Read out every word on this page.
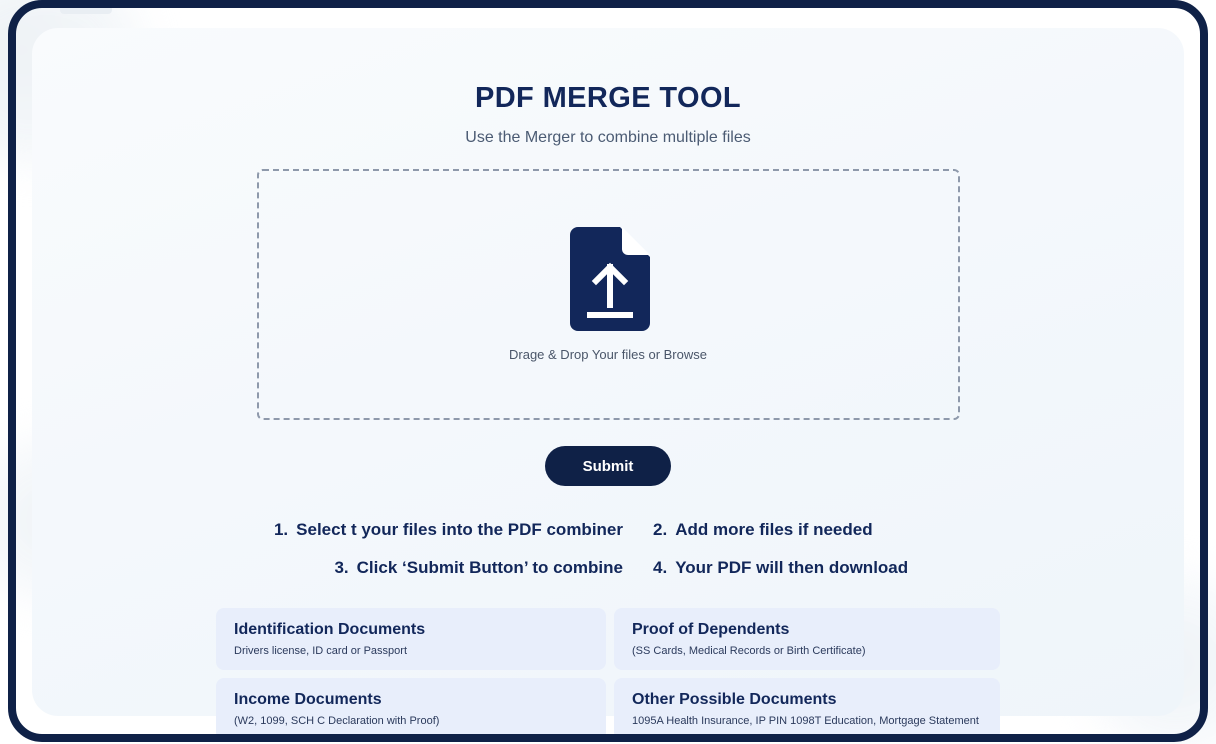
PDF MERGE TOOL

Use the Merger to combine multiple files

Drage & Drop Your files or Browse
Submit
1. Select t your files into the PDF combiner 2. Add more files if needed
3. Click ‘Submit Button’ to combine 4. Your PDF will then download

Identification Documents

Drivers license, ID card or Passport

Proof of Dependents

(SS Cards, Medical Records or Birth Certificate)

Income Documents

(W2, 1099, SCH C Declaration with Proof)

Other Possible Documents

1095A Health Insurance, IP PIN 1098T Education, Mortgage Statement
